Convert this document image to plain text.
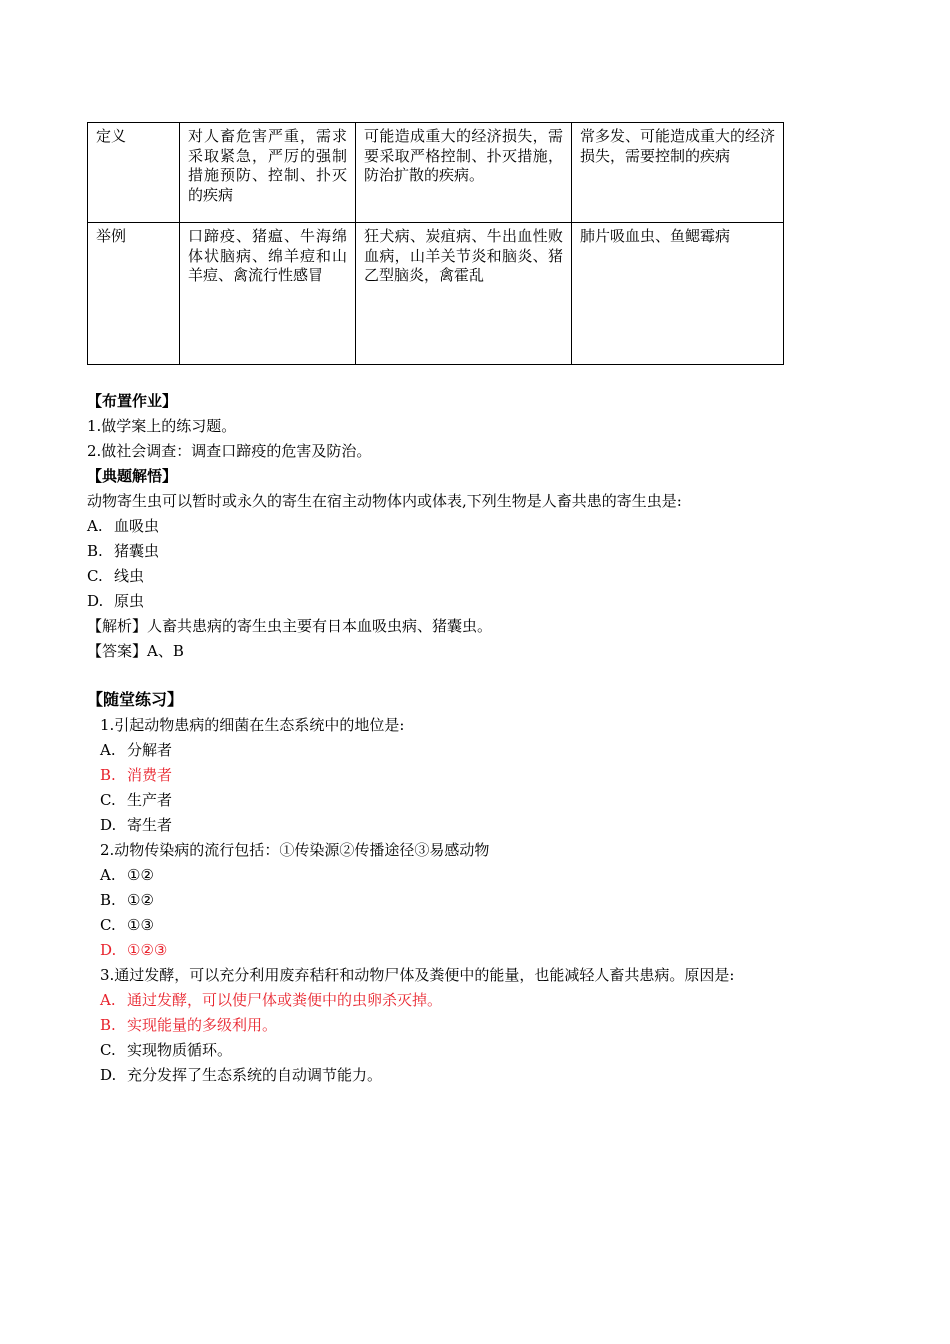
定义	对人畜危害严重，需求采取紧急，严厉的强制措施预防、控制、扑灭的疾病	可能造成重大的经济损失，需要采取严格控制、扑灭措施，防治扩散的疾病。	常多发、可能造成重大的经济损失，需要控制的疾病
举例	口蹄疫、猪瘟、牛海绵体状脑病、绵羊痘和山羊痘、禽流行性感冒	狂犬病、炭疽病、牛出血性败血病，山羊关节炎和脑炎、猪乙型脑炎，禽霍乱	肺片吸血虫、鱼鳃霉病
【布置作业】
1.做学案上的练习题。
2.做社会调查：调查口蹄疫的危害及防治。
【典题解悟】
动物寄生虫可以暂时或永久的寄生在宿主动物体内或体表,下列生物是人畜共患的寄生虫是:
A. 血吸虫
B. 猪囊虫
C. 线虫
D. 原虫
【解析】人畜共患病的寄生虫主要有日本血吸虫病、猪囊虫。
【答案】A、B
【随堂练习】
1.引起动物患病的细菌在生态系统中的地位是:
A. 分解者
B. 消费者
C. 生产者
D. 寄生者
2.动物传染病的流行包括：①传染源②传播途径③易感动物
A. ①②
B. ①②
C. ①③
D. ①②③
3.通过发酵，可以充分利用废弃秸秆和动物尸体及粪便中的能量，也能减轻人畜共患病。原因是:
A. 通过发酵，可以使尸体或粪便中的虫卵杀灭掉。
B. 实现能量的多级利用。
C. 实现物质循环。
D. 充分发挥了生态系统的自动调节能力。
